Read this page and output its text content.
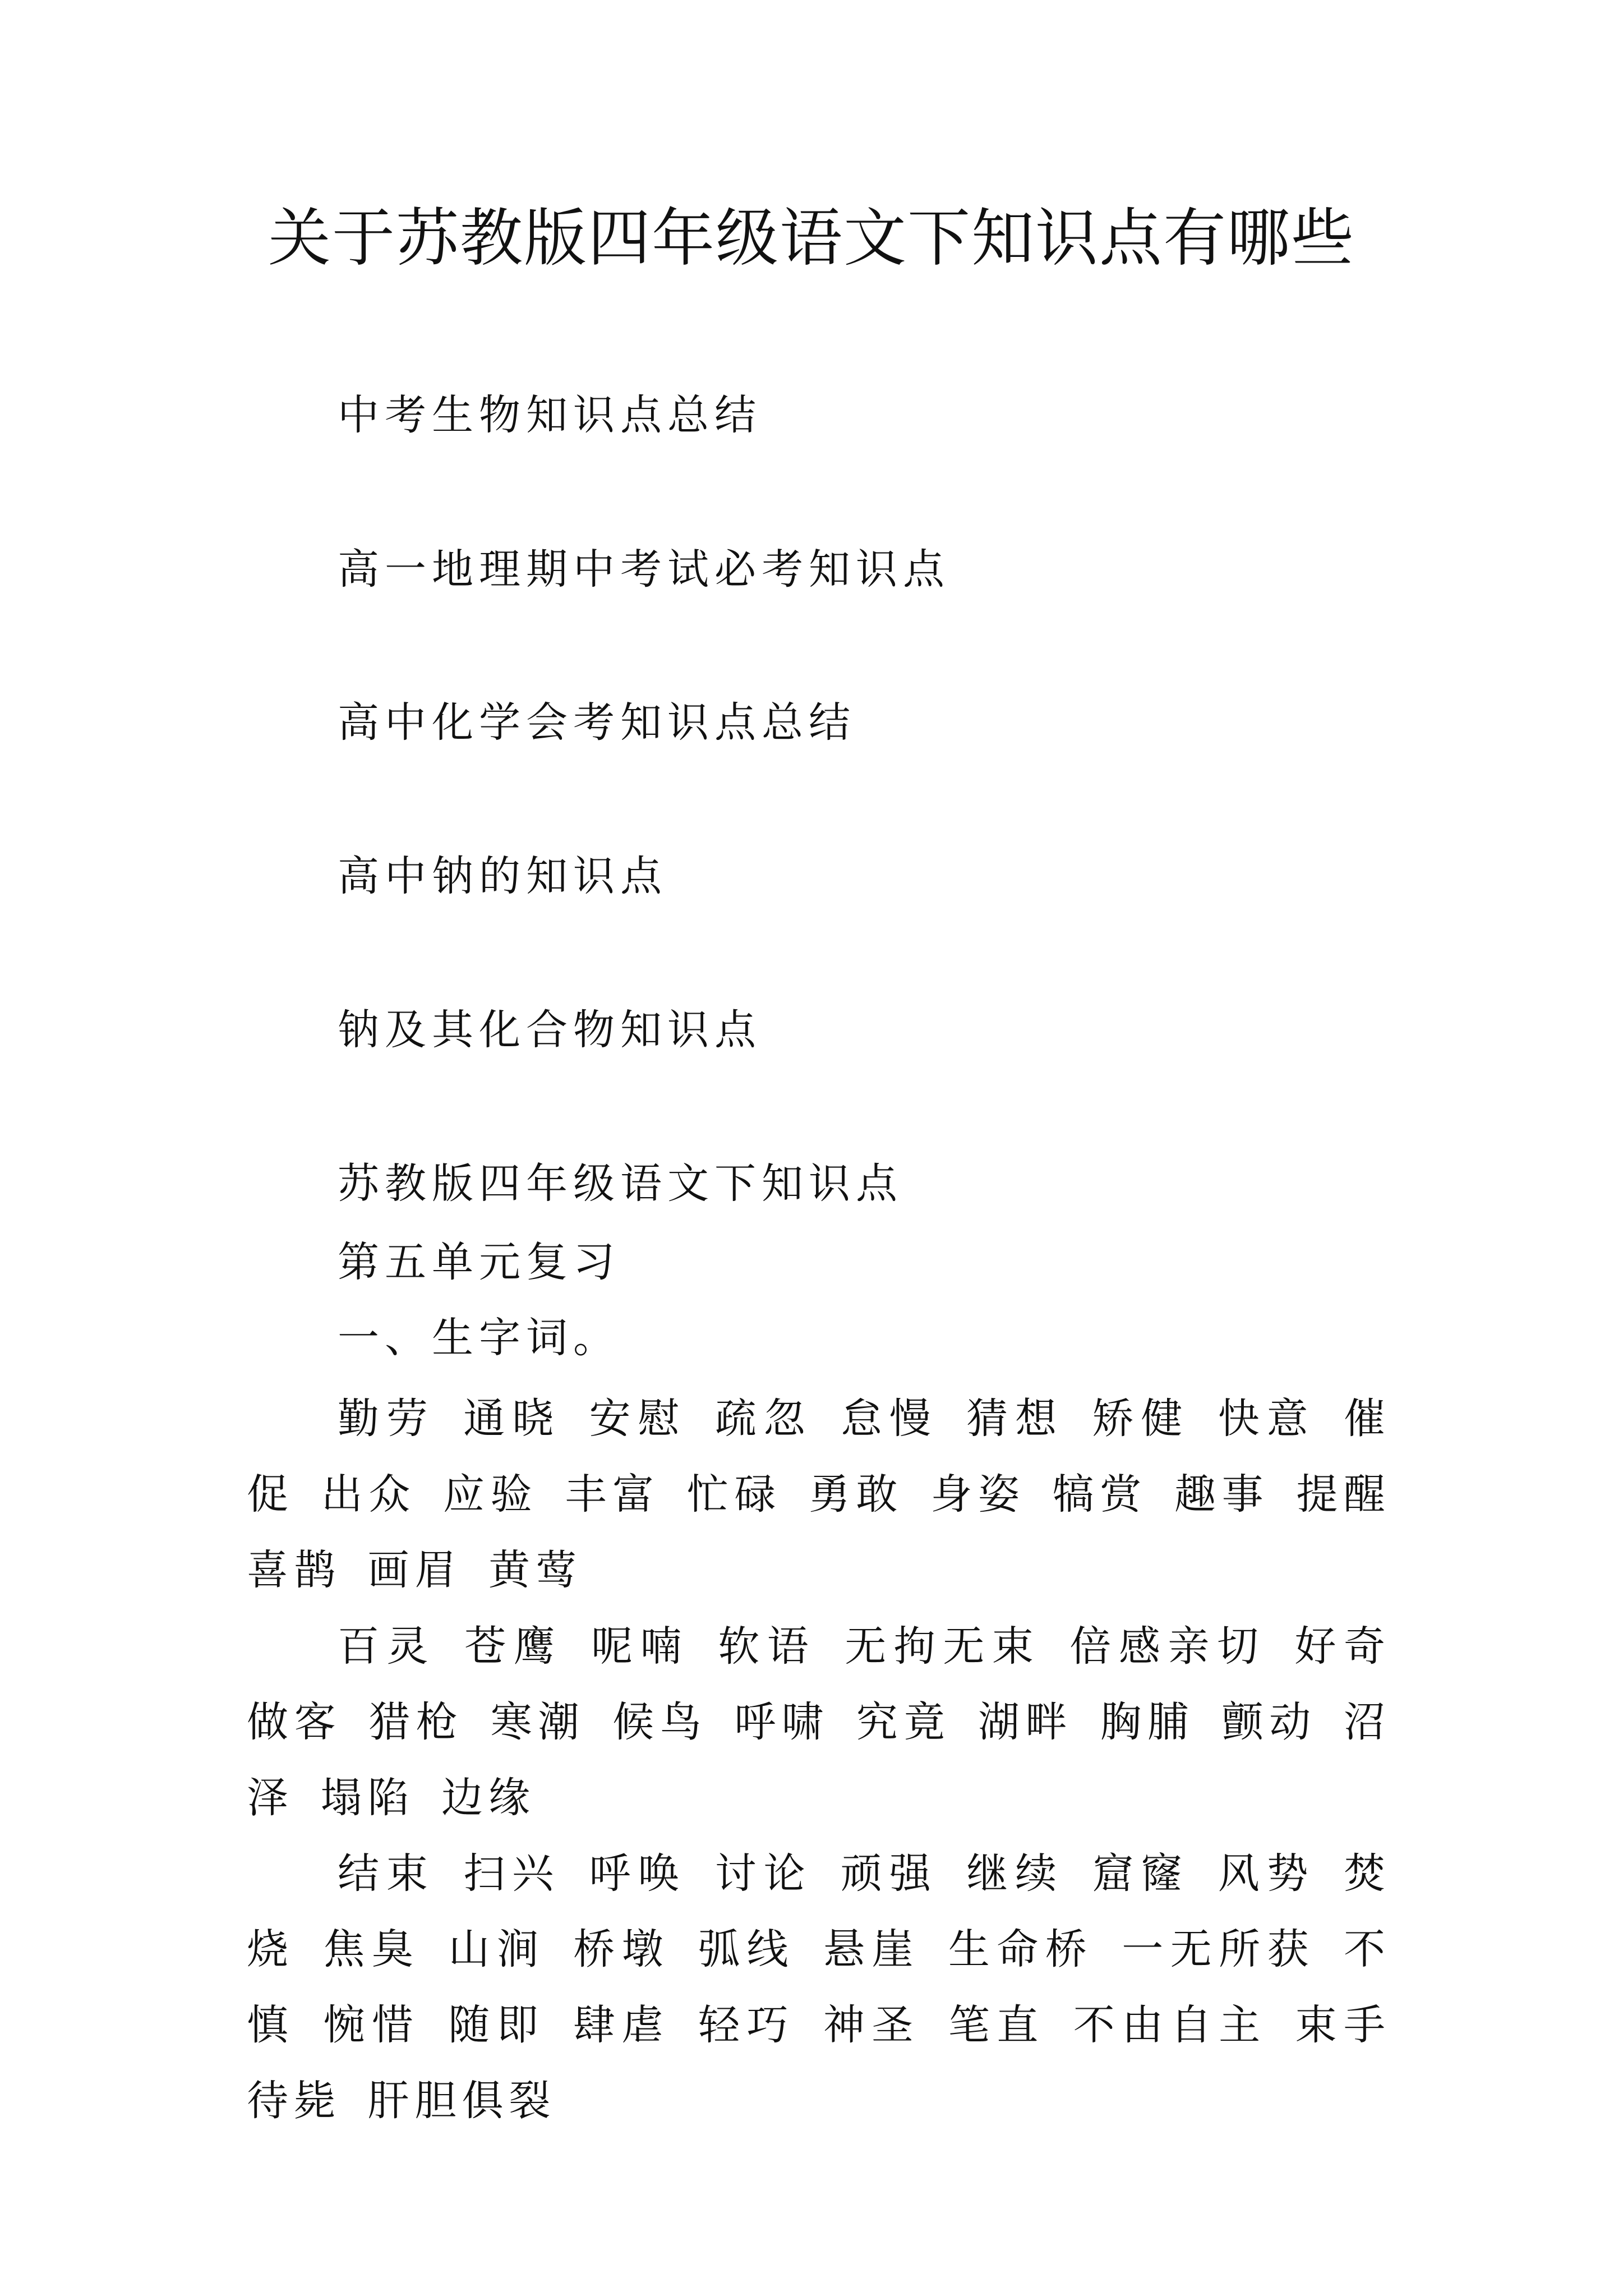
关于苏教版四年级语文下知识点有哪些
中考生物知识点总结
高一地理期中考试必考知识点
高中化学会考知识点总结
高中钠的知识点
钠及其化合物知识点
苏教版四年级语文下知识点
第五单元复习
一、生字词。
勤劳 通晓 安慰 疏忽 怠慢 猜想 矫健 快意 催促 出众 应验 丰富 忙碌 勇敢 身姿 犒赏 趣事 提醒 喜鹊 画眉 黄莺
百灵 苍鹰 呢喃 软语 无拘无束 倍感亲切 好奇 做客 猎枪 寒潮 候鸟 呼啸 究竟 湖畔 胸脯 颤动 沼泽 塌陷 边缘
结束 扫兴 呼唤 讨论 顽强 继续 窟窿 风势 焚烧 焦臭 山涧 桥墩 弧线 悬崖 生命桥 一无所获 不慎 惋惜 随即 肆虐 轻巧 神圣 笔直 不由自主 束手待毙 肝胆俱裂
